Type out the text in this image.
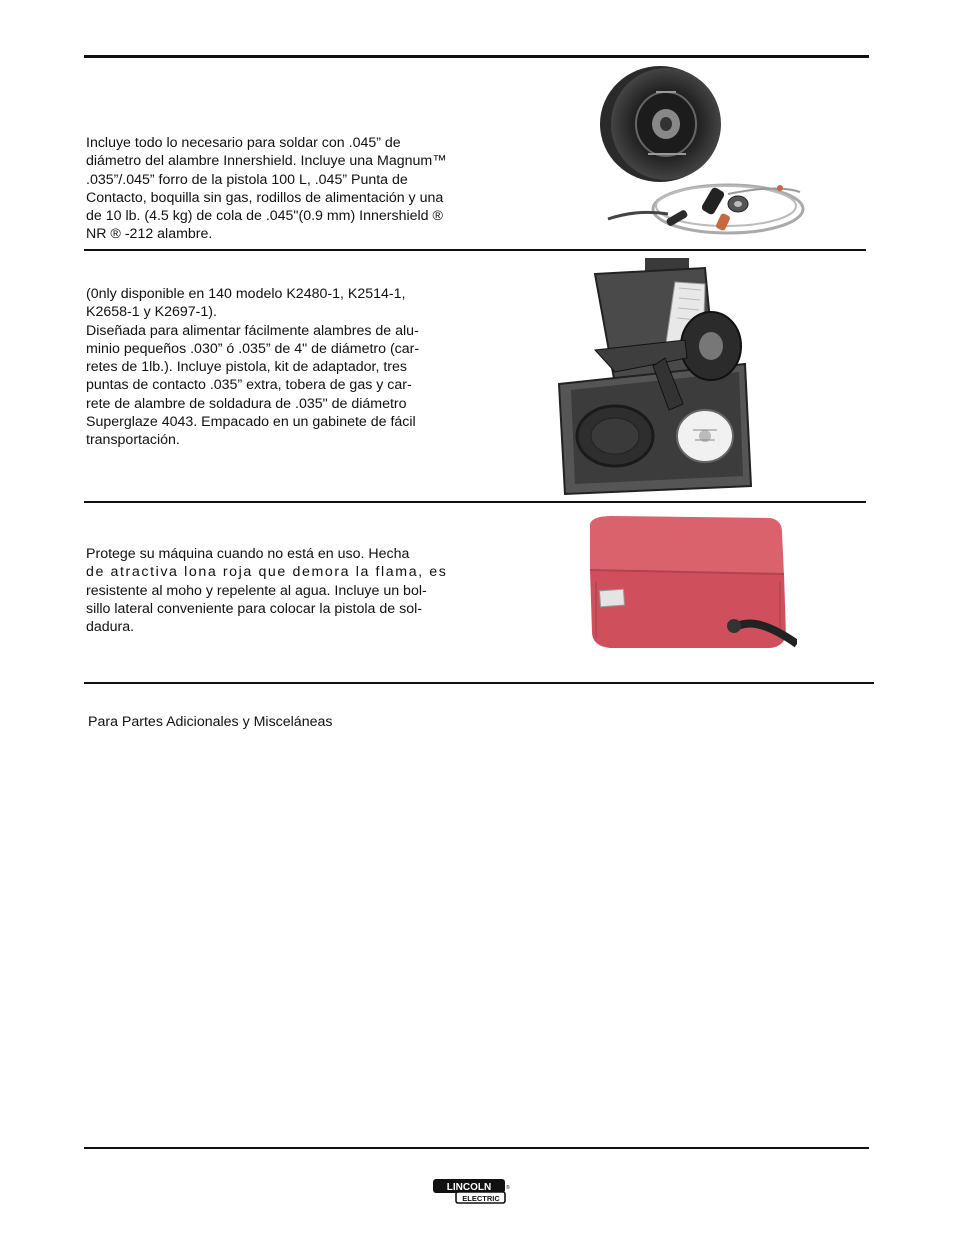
Incluye todo lo necesario para soldar con .045” de
diámetro del alambre Innershield. Incluye una Magnum™
.035”/.045” forro de la pistola 100 L, .045” Punta de
Contacto, boquilla sin gas, rodillos de alimentación y una
de 10 lb. (4.5 kg) de cola de .045"(0.9 mm) Innershield ®
NR ® -212 alambre.

(0nly disponible en 140 modelo K2480-1, K2514-1,
K2658-1 y K2697-1).
Diseñada para alimentar fácilmente alambres de alu-
minio pequeños .030” ó .035” de 4" de diámetro (car-
retes de 1lb.). Incluye pistola, kit de adaptador, tres
puntas de contacto .035” extra, tobera de gas y car-
rete de alambre de soldadura de .035" de diámetro
Superglaze 4043. Empacado en un gabinete de fácil
transportación.

Protege su máquina cuando no está en uso. Hecha
de atractiva lona roja que demora la flama, es
resistente al moho y repelente al agua. Incluye un bol-
sillo lateral conveniente para colocar la pistola de sol-
dadura.

Para Partes Adicionales y Misceláneas
LINCOLN
ELECTRIC
®
